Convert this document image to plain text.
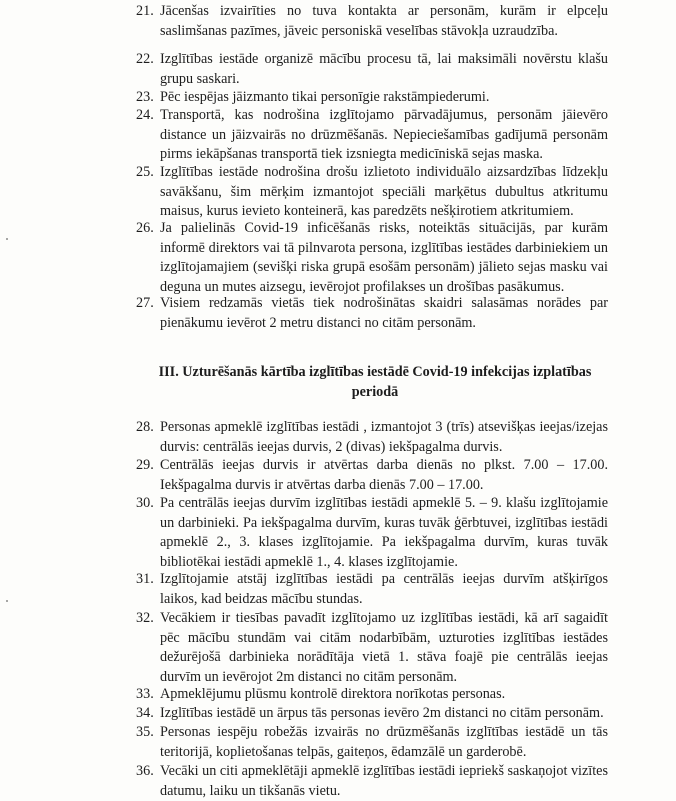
21. Jācenšas izvairīties no tuva kontakta ar personām, kurām ir elpceļu saslimšanas pazīmes, jāveic personiskā veselības stāvokļa uzraudzība.
22. Izglītības iestāde organizē mācību procesu tā, lai maksimāli novērstu klašu grupu saskari.
23. Pēc iespējas jāizmanto tikai personīgie rakstāmpiederumi.
24. Transportā, kas nodrošina izglītojamo pārvadājumus, personām jāievēro distance un jāizvairās no drūzmēšanās. Nepieciešamības gadījumā personām pirms iekāpšanas transportā tiek izsniegta medicīniskā sejas maska.
25. Izglītības iestāde nodrošina drošu izlietoto individuālo aizsardzības līdzekļu savākšanu, šim mērķim izmantojot speciāli marķētus dubultus atkritumu maisus, kurus ievieto konteinerā, kas paredzēts nešķirotiem atkritumiem.
26. Ja palielinās Covid-19 inficēšanās risks, noteiktās situācijās, par kurām informē direktors vai tā pilnvarota persona, izglītības iestādes darbiniekiem un izglītojamajiem (sevišķi riska grupā esošām personām) jālieto sejas masku vai deguna un mutes aizsegu, ievērojot profilakses un drošības pasākumus.
27. Visiem redzamās vietās tiek nodrošinātas skaidri salasāmas norādes par pienākumu ievērot 2 metru distanci no citām personām.
III. Uzturēšanās kārtība izglītības iestādē Covid-19 infekcijas izplatības periodā
28. Personas apmeklē izglītības iestādi , izmantojot 3 (trīs) atsevišķas ieejas/izejas durvis: centrālās ieejas durvis, 2 (divas) iekšpagalma durvis.
29. Centrālās ieejas durvis ir atvērtas darba dienās no plkst. 7.00 – 17.00. Iekšpagalma durvis ir atvērtas darba dienās 7.00 – 17.00.
30. Pa centrālās ieejas durvīm izglītības iestādi apmeklē 5. – 9. klašu izglītojamie un darbinieki. Pa iekšpagalma durvīm, kuras tuvāk ģērbtuvei, izglītības iestādi apmeklē 2., 3. klases izglītojamie. Pa iekšpagalma durvīm, kuras tuvāk bibliotēkai iestādi apmeklē 1., 4. klases izglītojamie.
31. Izglītojamie atstāj izglītības iestādi pa centrālās ieejas durvīm atšķirīgos laikos, kad beidzas mācību stundas.
32. Vecākiem ir tiesības pavadīt izglītojamo uz izglītības iestādi, kā arī sagaidīt pēc mācību stundām vai citām nodarbībām, uzturoties izglītības iestādes dežurējošā darbinieka norādītāja vietā 1. stāva foajē pie centrālās ieejas durvīm un ievērojot 2m distanci no citām personām.
33. Apmeklējumu plūsmu kontrolē direktora norīkotas personas.
34. Izglītības iestādē un ārpus tās personas ievēro 2m distanci no citām personām.
35. Personas iespēju robežās izvairās no drūzmēšanās izglītības iestādē un tās teritorijā, koplietošanas telpās, gaiteņos, ēdamzālē un garderobē.
36. Vecāki un citi apmeklētāji apmeklē izglītības iestādi iepriekš saskaņojot vizītes datumu, laiku un tikšanās vietu.
